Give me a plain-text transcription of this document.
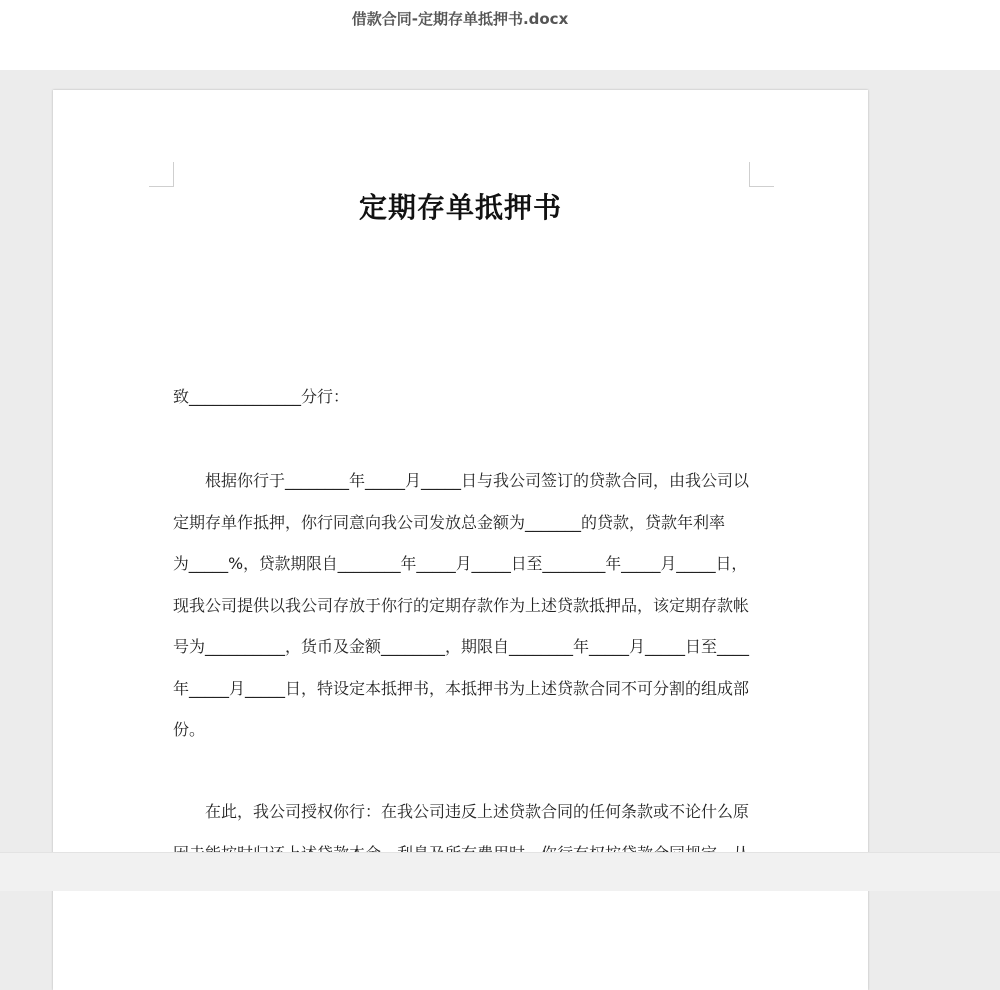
借款合同-定期存单抵押书.docx
定期存单抵押书
致______________分行：
根据你行于________年_____月_____日与我公司签订的贷款合同，由我公司以
定期存单作抵押，你行同意向我公司发放总金额为_______的贷款，贷款年利率
为_____%，贷款期限自________年_____月_____日至________年_____月_____日，
现我公司提供以我公司存放于你行的定期存款作为上述贷款抵押品，该定期存款帐
号为__________，货币及金额________，期限自________年_____月_____日至____
年_____月_____日，特设定本抵押书，本抵押书为上述贷款合同不可分割的组成部
份。
在此，我公司授权你行：在我公司违反上述贷款合同的任何条款或不论什么原
